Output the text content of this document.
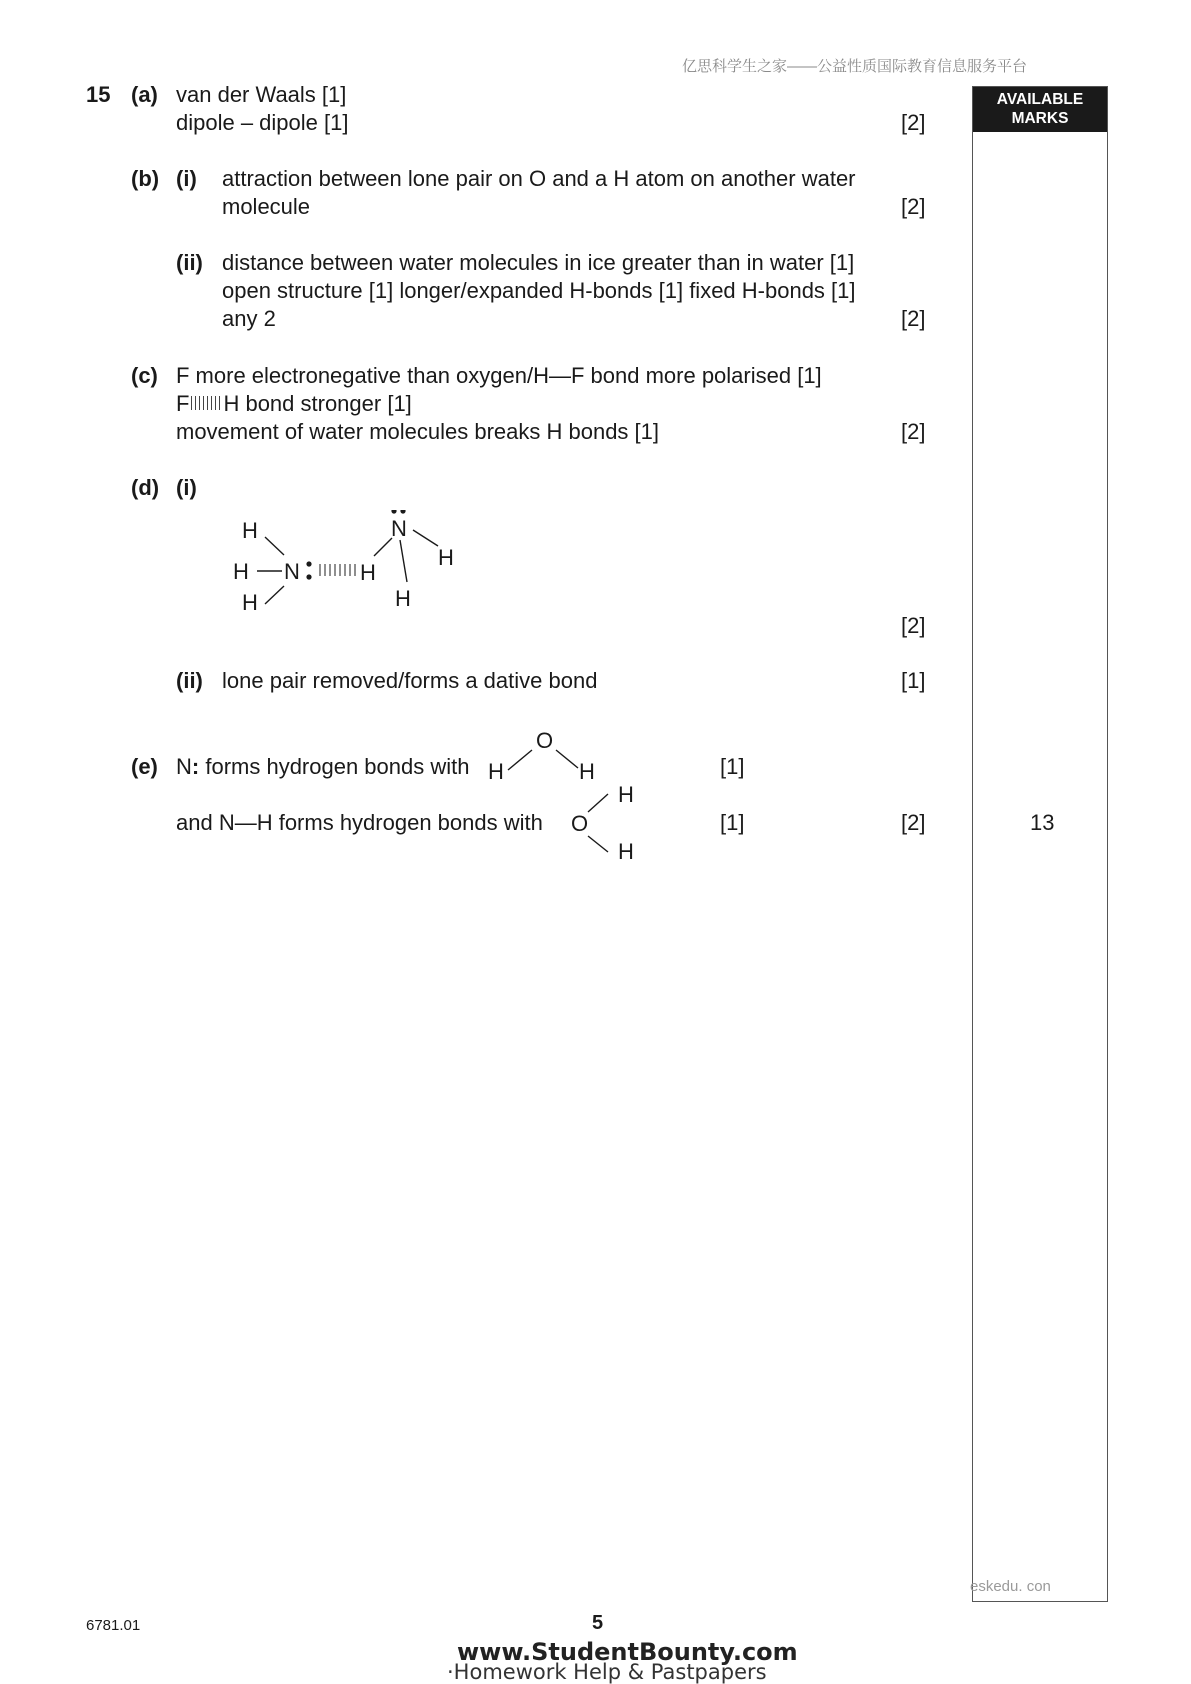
亿思科学生之家——公益性质国际教育信息服务平台
AVAILABLE
MARKS
13
15 (a) van der Waals [1]
dipole – dipole [1]	[2]
(b) (i) attraction between lone pair on O and a H atom on another water
molecule	[2]
(ii) distance between water molecules in ice greater than in water [1]
open structure [1] longer/expanded H-bonds [1] fixed H-bonds [1]
any 2	[2]
(c) F more electronegative than oxygen/H—F bond more polarised [1]
F H bond stronger [1]
movement of water molecules breaks H bonds [1]	[2]
(d) (i)
H
H
H
N	H
N
H
H
[2]
(ii) lone pair removed/forms a dative bond	[1]
(e) N: forms hydrogen bonds with
O
H	H	[1]
and N—H forms hydrogen bonds with O
H
H
[1]	[2]
eskedu. con
6781.01	5
www.StudentBounty.com
·Homework Help & Pastpapers
